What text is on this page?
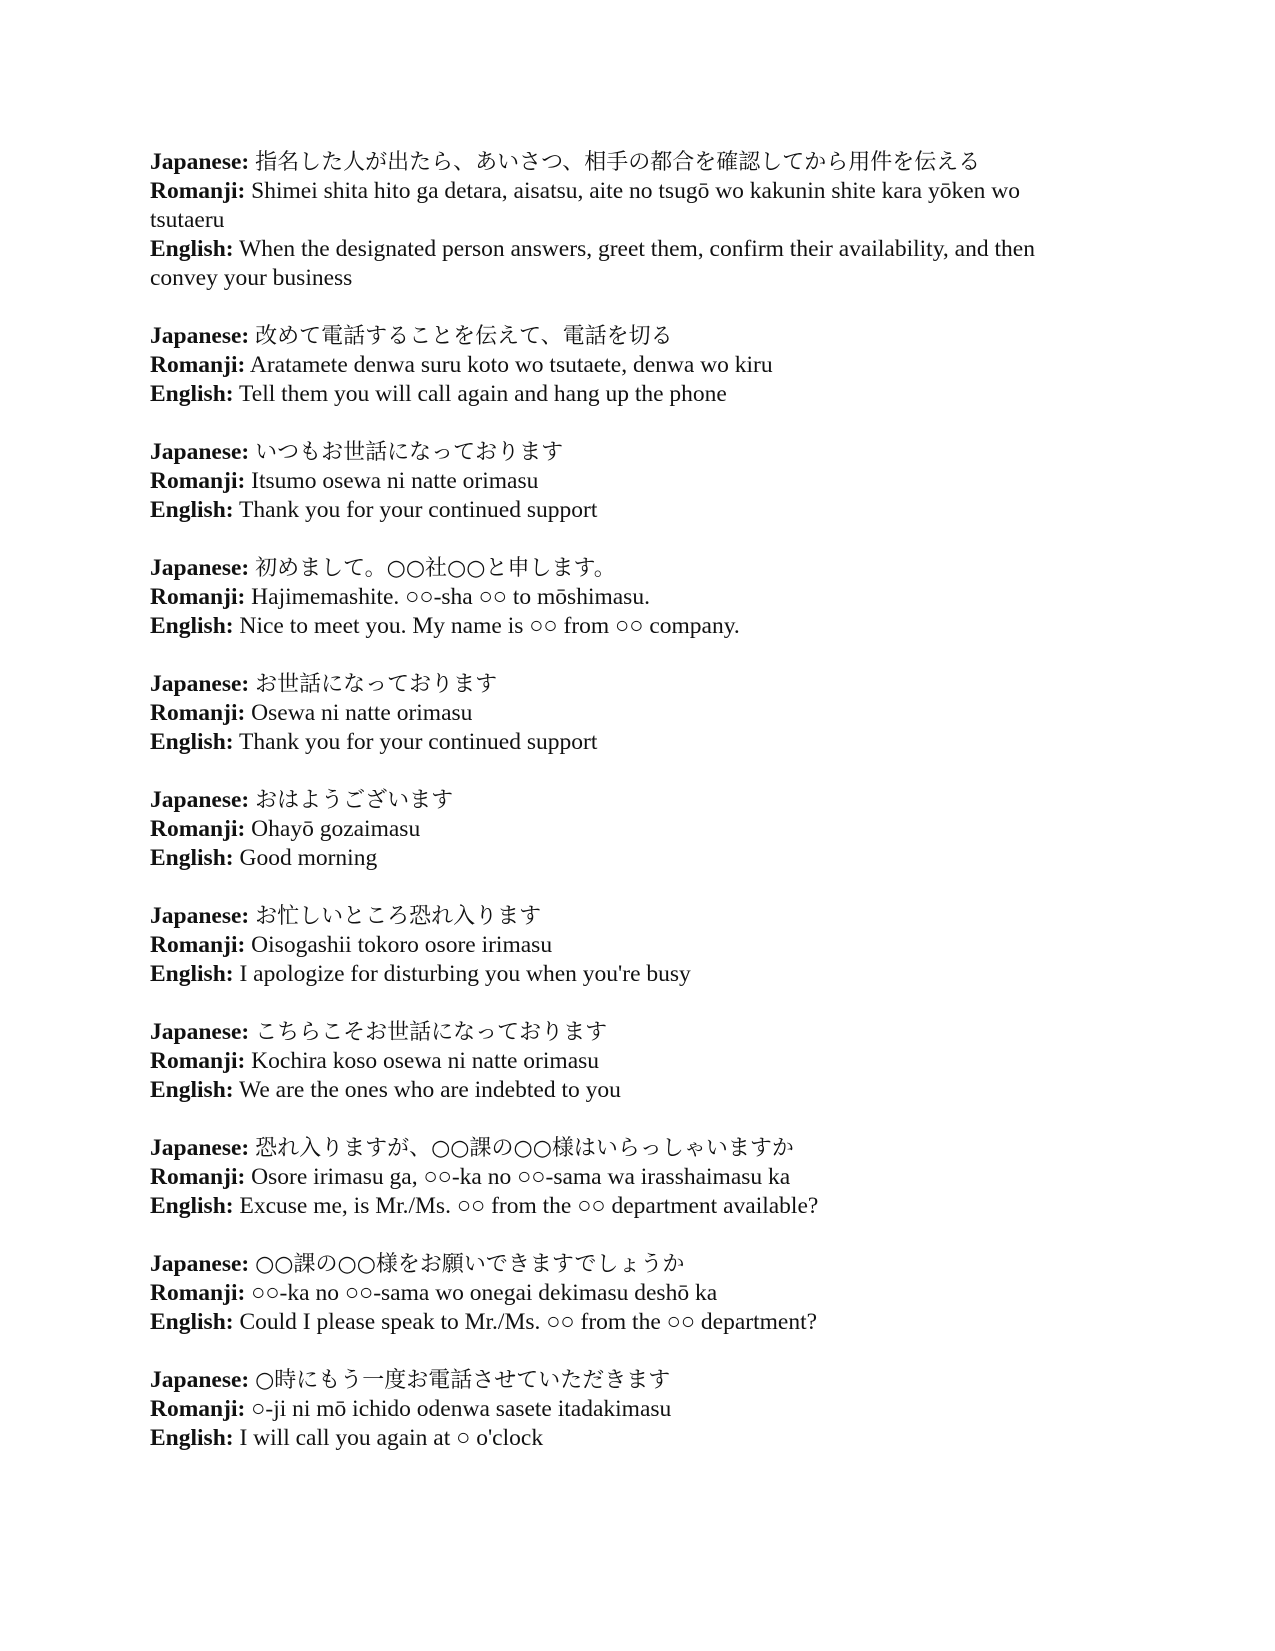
Japanese: 指名した人が出たら、あいさつ、相手の都合を確認してから用件を伝える

Romanji: Shimei shita hito ga detara, aisatsu, aite no tsugō wo kakunin shite kara yōken wo tsutaeru

English: When the designated person answers, greet them, confirm their availability, and then convey your business

Japanese: 改めて電話することを伝えて、電話を切る

Romanji: Aratamete denwa suru koto wo tsutaete, denwa wo kiru

English: Tell them you will call again and hang up the phone

Japanese: いつもお世話になっております

Romanji: Itsumo osewa ni natte orimasu

English: Thank you for your continued support

Japanese: 初めまして。○○社○○と申します。

Romanji: Hajimemashite. ○○-sha ○○ to mōshimasu.

English: Nice to meet you. My name is ○○ from ○○ company.

Japanese: お世話になっております

Romanji: Osewa ni natte orimasu

English: Thank you for your continued support

Japanese: おはようございます

Romanji: Ohayō gozaimasu

English: Good morning

Japanese: お忙しいところ恐れ入ります

Romanji: Oisogashii tokoro osore irimasu

English: I apologize for disturbing you when you're busy

Japanese: こちらこそお世話になっております

Romanji: Kochira koso osewa ni natte orimasu

English: We are the ones who are indebted to you

Japanese: 恐れ入りますが、○○課の○○様はいらっしゃいますか

Romanji: Osore irimasu ga, ○○-ka no ○○-sama wa irasshaimasu ka

English: Excuse me, is Mr./Ms. ○○ from the ○○ department available?

Japanese: ○○課の○○様をお願いできますでしょうか

Romanji: ○○-ka no ○○-sama wo onegai dekimasu deshō ka

English: Could I please speak to Mr./Ms. ○○ from the ○○ department?

Japanese: ○時にもう一度お電話させていただきます

Romanji: ○-ji ni mō ichido odenwa sasete itadakimasu

English: I will call you again at ○ o'clock
